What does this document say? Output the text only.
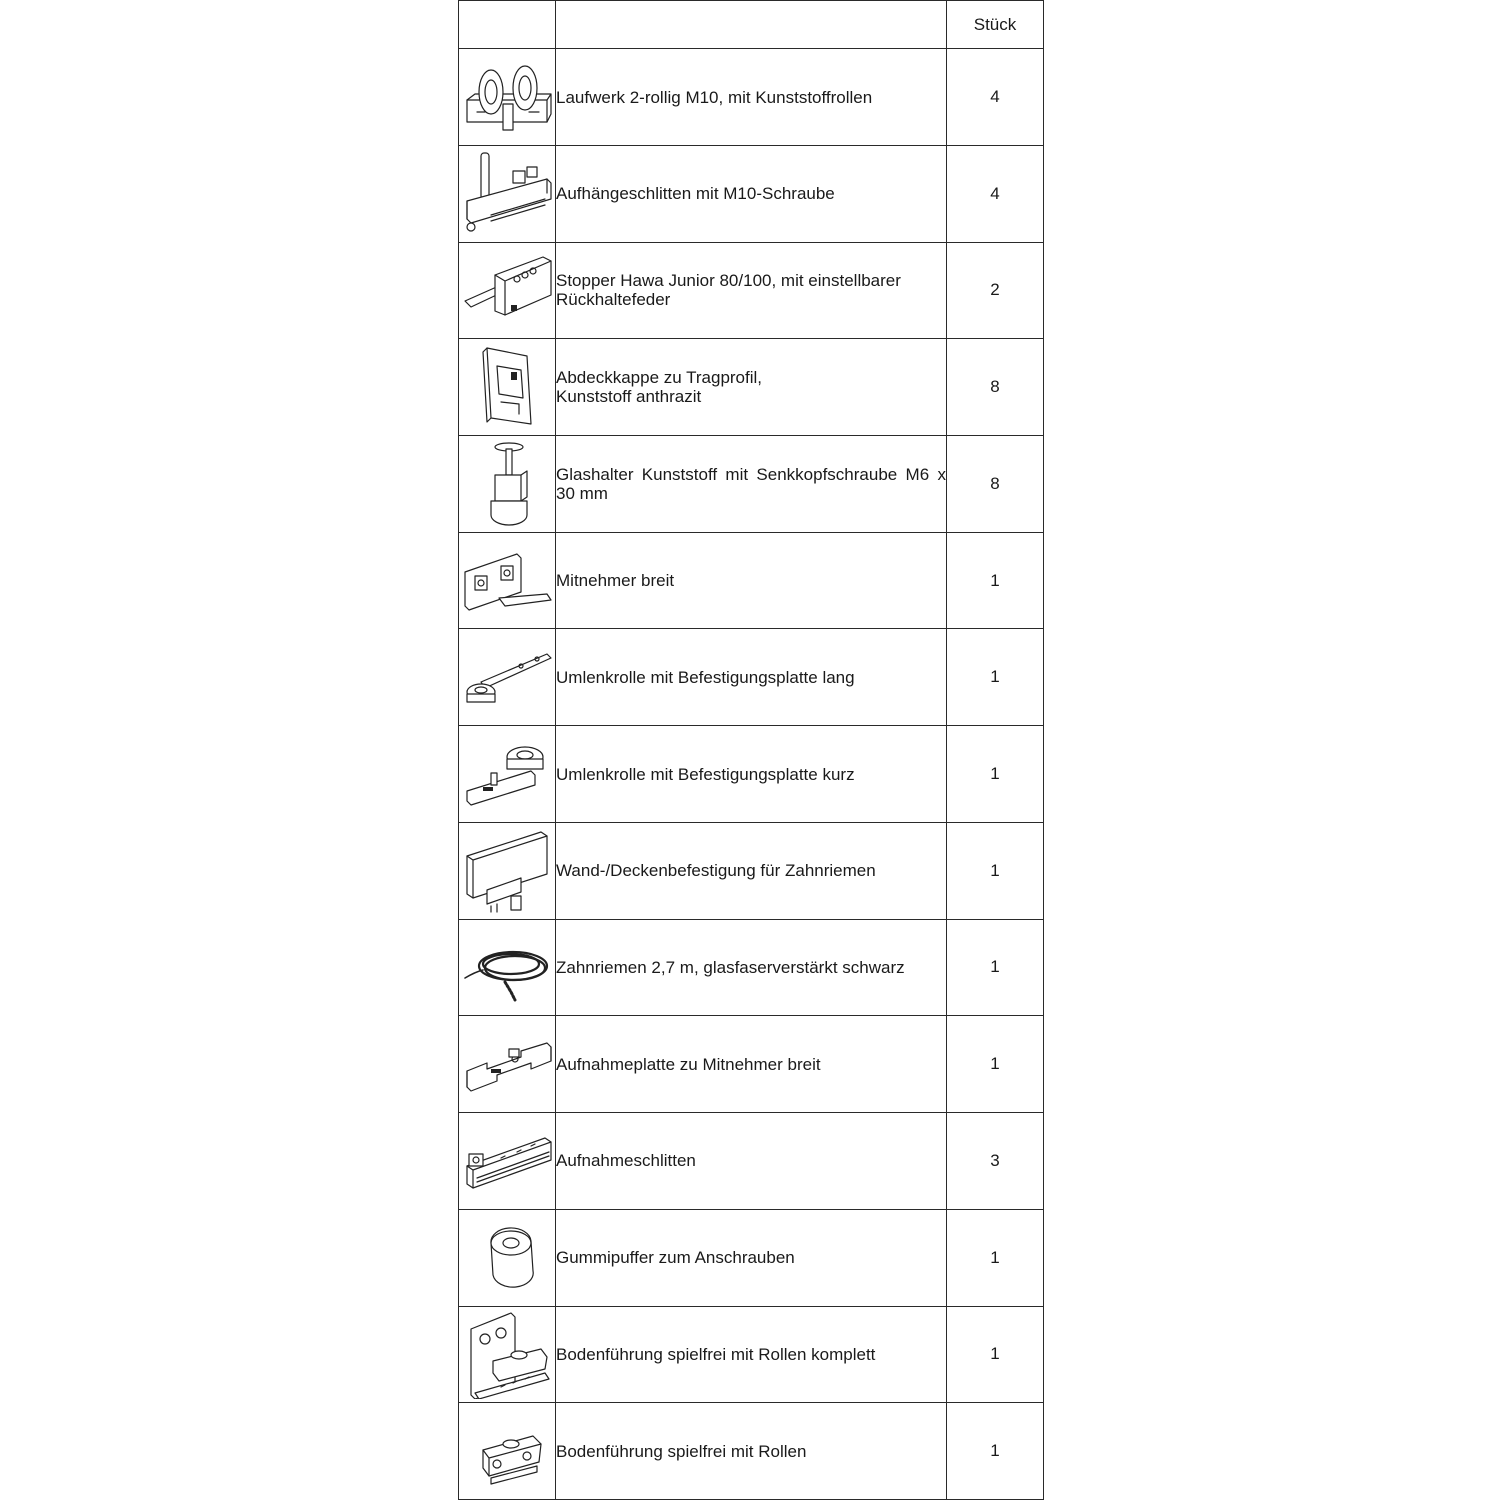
		Stück

	Laufwerk 2-rollig M10, mit Kunststoffrollen	4

	Aufhängeschlitten mit M10-Schraube	4

	Stopper Hawa Junior 80/100, mit einstellbarer Rückhaltefeder	2

	Abdeckkappe zu Tragprofil,
Kunststoff anthrazit	8

	Glashalter Kunststoff mit Senkkopfschraube M6 x 30 mm	8

	Mitnehmer breit	1

	Umlenkrolle mit Befestigungsplatte lang	1

	Umlenkrolle mit Befestigungsplatte kurz	1

	Wand-/Deckenbefestigung für Zahnriemen	1

	Zahnriemen 2,7 m, glasfaserverstärkt schwarz	1

	Aufnahmeplatte zu Mitnehmer breit	1

	Aufnahmeschlitten	3

	Gummipuffer zum Anschrauben	1

	Bodenführung spielfrei mit Rollen komplett	1

	Bodenführung spielfrei mit Rollen	1
